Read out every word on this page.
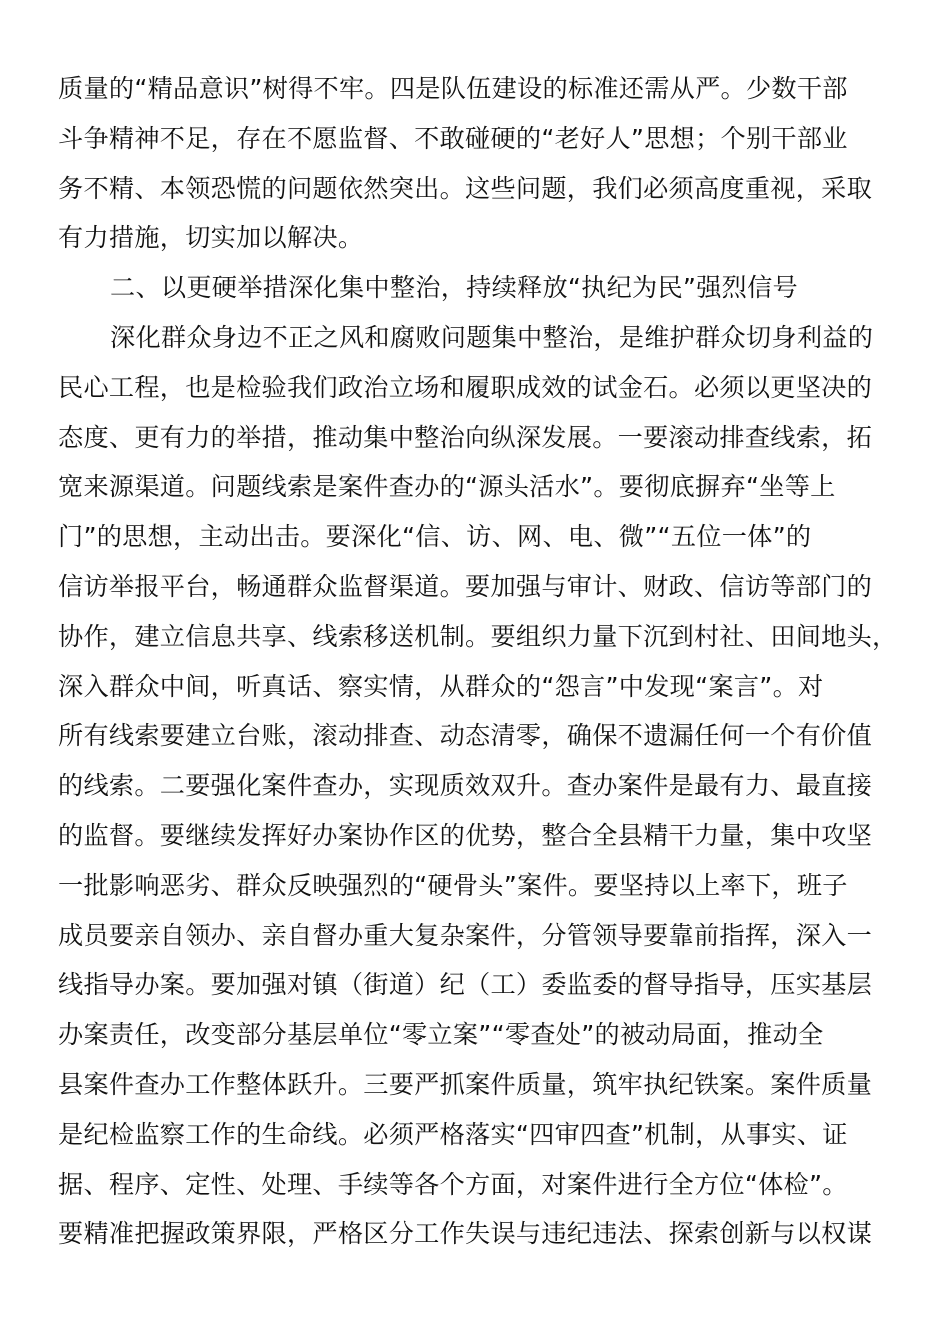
质量的“精品意识”树得不牢。四是队伍建设的标准还需从严。少数干部
斗争精神不足，存在不愿监督、不敢碰硬的“老好人”思想；个别干部业
务不精、本领恐慌的问题依然突出。这些问题，我们必须高度重视，采取
有力措施，切实加以解决。
二、以更硬举措深化集中整治，持续释放“执纪为民”强烈信号
深化群众身边不正之风和腐败问题集中整治，是维护群众切身利益的
民心工程，也是检验我们政治立场和履职成效的试金石。必须以更坚决的
态度、更有力的举措，推动集中整治向纵深发展。一要滚动排查线索，拓
宽来源渠道。问题线索是案件查办的“源头活水”。要彻底摒弃“坐等上
门”的思想，主动出击。要深化“信、访、网、电、微”“五位一体”的
信访举报平台，畅通群众监督渠道。要加强与审计、财政、信访等部门的
协作，建立信息共享、线索移送机制。要组织力量下沉到村社、田间地头，
深入群众中间，听真话、察实情，从群众的“怨言”中发现“案言”。对
所有线索要建立台账，滚动排查、动态清零，确保不遗漏任何一个有价值
的线索。二要强化案件查办，实现质效双升。查办案件是最有力、最直接
的监督。要继续发挥好办案协作区的优势，整合全县精干力量，集中攻坚
一批影响恶劣、群众反映强烈的“硬骨头”案件。要坚持以上率下，班子
成员要亲自领办、亲自督办重大复杂案件，分管领导要靠前指挥，深入一
线指导办案。要加强对镇（街道）纪（工）委监委的督导指导，压实基层
办案责任，改变部分基层单位“零立案”“零查处”的被动局面，推动全
县案件查办工作整体跃升。三要严抓案件质量，筑牢执纪铁案。案件质量
是纪检监察工作的生命线。必须严格落实“四审四查”机制，从事实、证
据、程序、定性、处理、手续等各个方面，对案件进行全方位“体检”。
要精准把握政策界限，严格区分工作失误与违纪违法、探索创新与以权谋
